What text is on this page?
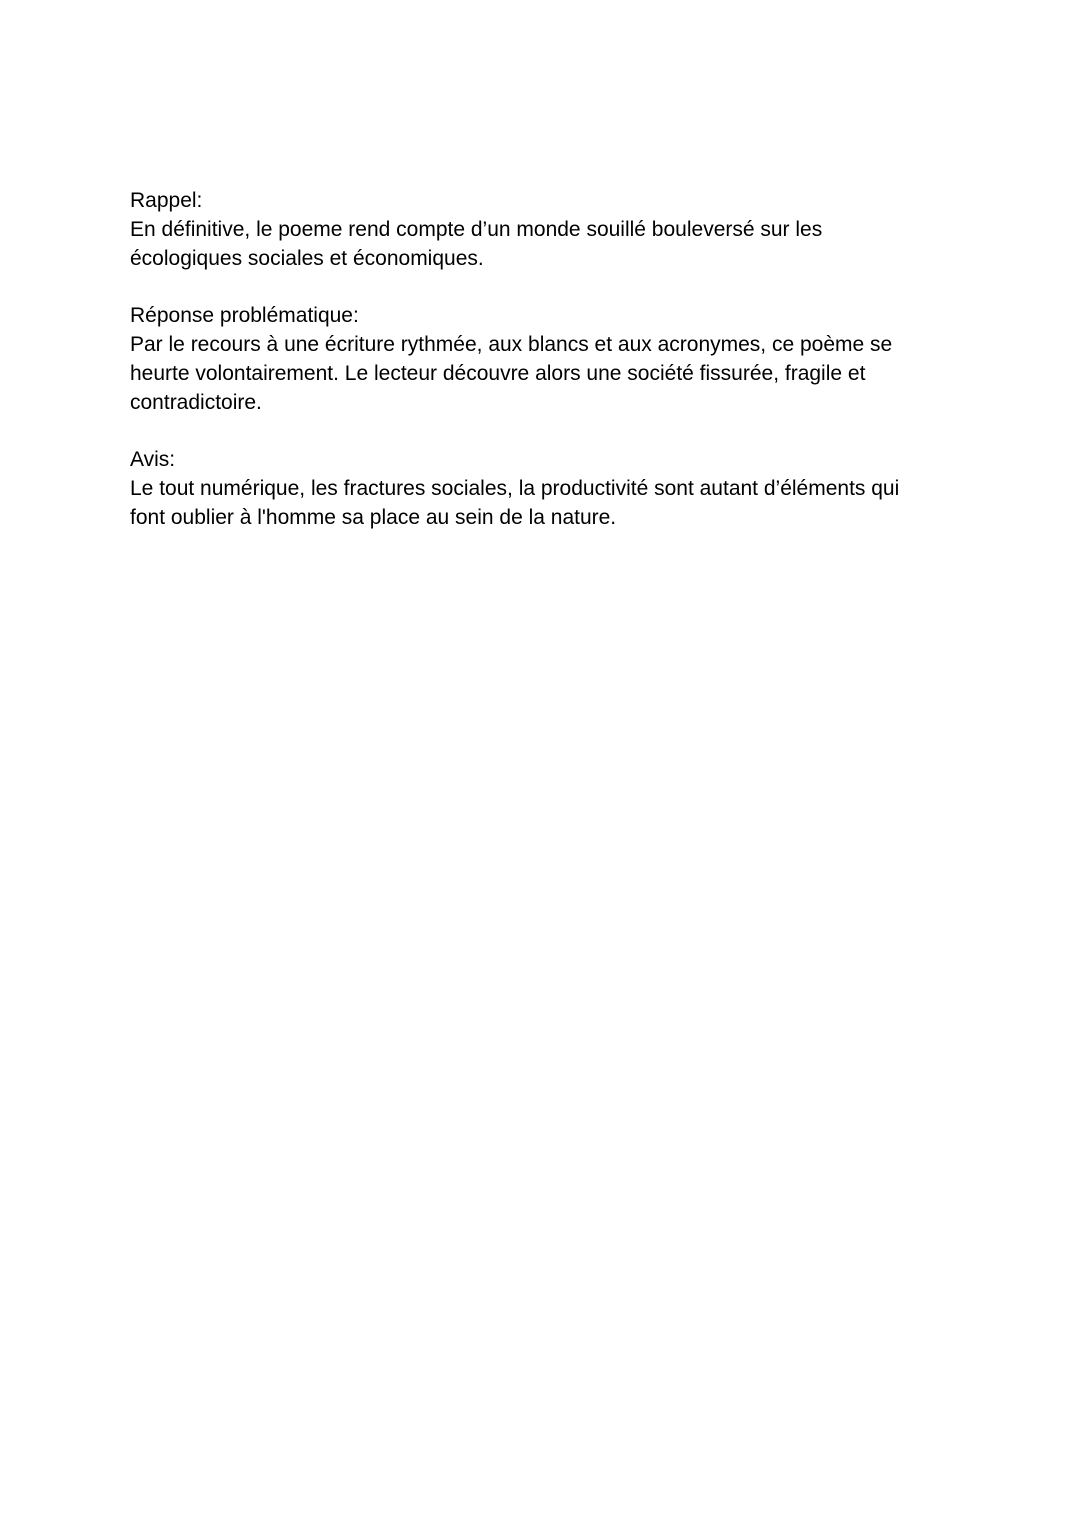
Rappel:

En définitive, le poeme rend compte d’un monde souillé bouleversé sur les

écologiques sociales et économiques.

Réponse problématique:

Par le recours à une écriture rythmée, aux blancs et aux acronymes, ce poème se

heurte volontairement. Le lecteur découvre alors une société fissurée, fragile et

contradictoire.

Avis:

Le tout numérique, les fractures sociales, la productivité sont autant d’éléments qui

font oublier à l'homme sa place au sein de la nature.
